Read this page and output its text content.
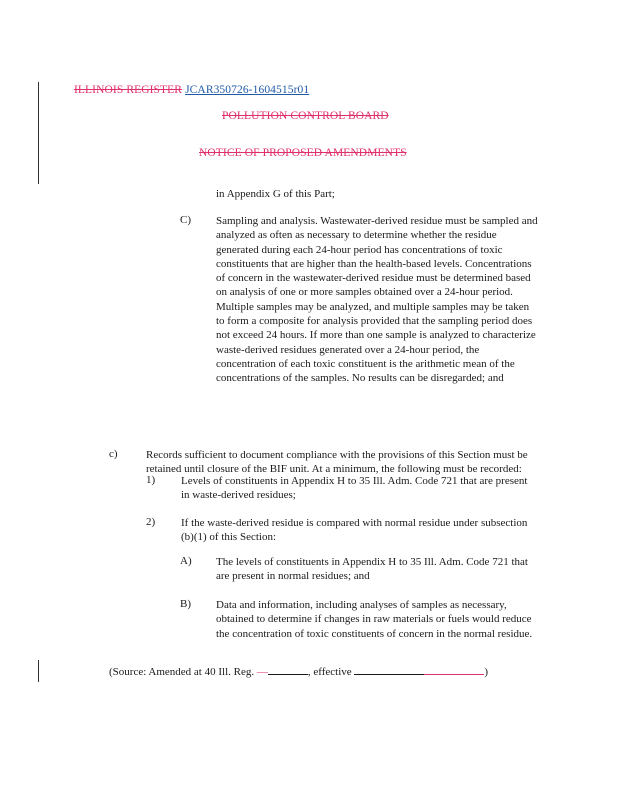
ILLINOIS REGISTER JCAR350726-1604515r01
POLLUTION CONTROL BOARD
NOTICE OF PROPOSED AMENDMENTS
in Appendix G of this Part;
C) Sampling and analysis. Wastewater-derived residue must be sampled and analyzed as often as necessary to determine whether the residue generated during each 24-hour period has concentrations of toxic constituents that are higher than the health-based levels. Concentrations of concern in the wastewater-derived residue must be determined based on analysis of one or more samples obtained over a 24-hour period. Multiple samples may be analyzed, and multiple samples may be taken to form a composite for analysis provided that the sampling period does not exceed 24 hours. If more than one sample is analyzed to characterize waste-derived residues generated over a 24-hour period, the concentration of each toxic constituent is the arithmetic mean of the concentrations of the samples. No results can be disregarded; and
c)	Records sufficient to document compliance with the provisions of this Section must be retained until closure of the BIF unit. At a minimum, the following must be recorded:
1) Levels of constituents in Appendix H to 35 Ill. Adm. Code 721 that are present in waste-derived residues;
2) If the waste-derived residue is compared with normal residue under subsection (b)(1) of this Section:
A) The levels of constituents in Appendix H to 35 Ill. Adm. Code 721 that are present in normal residues; and
B) Data and information, including analyses of samples as necessary, obtained to determine if changes in raw materials or fuels would reduce the concentration of toxic constituents of concern in the normal residue.
(Source: Amended at 40 Ill. Reg. —	, effective	)
